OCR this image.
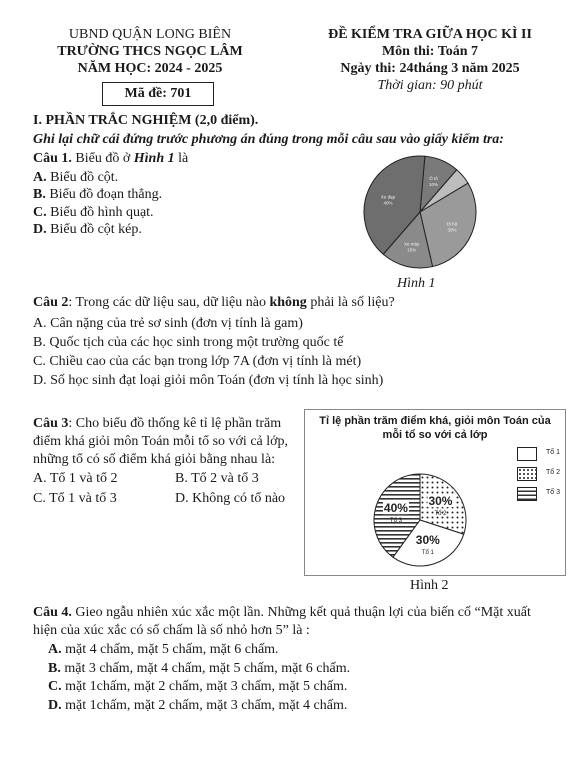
UBND QUẬN LONG BIÊN
TRƯỜNG THCS NGỌC LÂM
NĂM HỌC: 2024 - 2025
Mã đề: 701
ĐỀ KIỂM TRA GIỮA HỌC KÌ II
Môn thi: Toán 7
Ngày thi: 24tháng 3 năm 2025
Thời gian: 90 phút
I. PHẦN TRẮC NGHIỆM (2,0 điểm).
Ghi lại chữ cái đứng trước phương án đúng trong mỗi câu sau vào giấy kiểm tra:
Câu 1. Biểu đồ ở Hình 1 là
A. Biểu đồ cột.
B. Biểu đồ đoạn thẳng.
C. Biểu đồ hình quạt.
D. Biểu đồ cột kép.
Ô tô
10%
Đi bộ
30%
Xe máy
15%
Xe đạp
40%
Hình 1
Câu 2: Trong các dữ liệu sau, dữ liệu nào không phải là số liệu?
A. Cân nặng của trẻ sơ sinh (đơn vị tính là gam)
B. Quốc tịch của các học sinh trong một trường quốc tế
C. Chiều cao của các bạn trong lớp 7A (đơn vị tính là mét)
D. Số học sinh đạt loại giỏi môn Toán (đơn vị tính là học sinh)
Câu 3: Cho biểu đồ thống kê tỉ lệ phần trăm
điểm khá giỏi môn Toán mỗi tổ so với cả lớp,
những tổ có số điểm khá giỏi bằng nhau là:
A. Tổ 1 và tổ 2	B. Tổ 2 và tổ 3
C. Tổ 1 và tổ 3	D. Không có tổ nào
Tỉ lệ phần trăm điểm khá, giỏi môn Toán của mỗi tổ so với cả lớp
30%
Tổ 2
30%
Tổ 1
40%
Tổ 3
Tổ 1
Tổ 2
Tổ 3
Hình 2
Câu 4. Gieo ngẫu nhiên xúc xắc một lần. Những kết quả thuận lợi của biến cố “Mặt xuất
hiện của xúc xắc có số chấm là số nhỏ hơn 5” là :
A. mặt 4 chấm, mặt 5 chấm, mặt 6 chấm.
B. mặt 3 chấm, mặt 4 chấm, mặt 5 chấm, mặt 6 chấm.
C. mặt 1chấm, mặt 2 chấm, mặt 3 chấm, mặt 5 chấm.
D. mặt 1chấm, mặt 2 chấm, mặt 3 chấm, mặt 4 chấm.
